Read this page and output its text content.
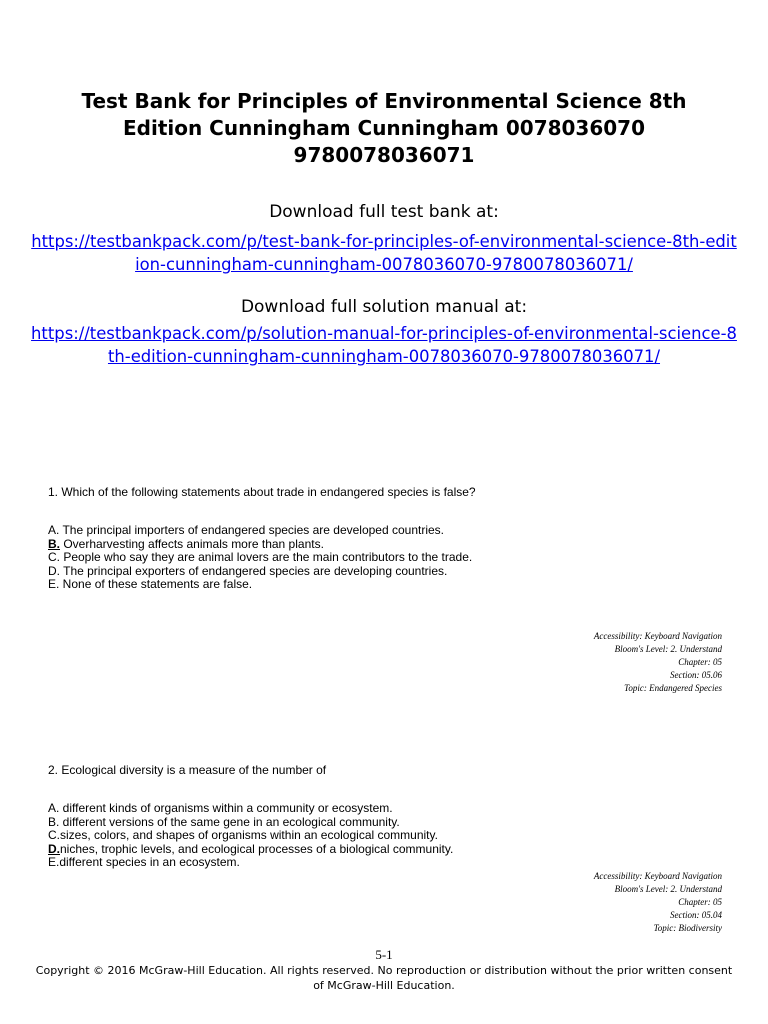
Test Bank for Principles of Environmental Science 8th Edition Cunningham Cunningham 0078036070 9780078036071
Download full test bank at:
https://testbankpack.com/p/test-bank-for-principles-of-environmental-science-8th-edition-cunningham-cunningham-0078036070-9780078036071/
Download full solution manual at:
https://testbankpack.com/p/solution-manual-for-principles-of-environmental-science-8th-edition-cunningham-cunningham-0078036070-9780078036071/
1. Which of the following statements about trade in endangered species is false?
A. The principal importers of endangered species are developed countries.
B. Overharvesting affects animals more than plants.
C. People who say they are animal lovers are the main contributors to the trade.
D. The principal exporters of endangered species are developing countries.
E. None of these statements are false.
Accessibility: Keyboard Navigation
Bloom's Level: 2. Understand
Chapter: 05
Section: 05.06
Topic: Endangered Species
2. Ecological diversity is a measure of the number of
A. different kinds of organisms within a community or ecosystem.
B. different versions of the same gene in an ecological community.
C.sizes, colors, and shapes of organisms within an ecological community.
D.niches, trophic levels, and ecological processes of a biological community.
E.different species in an ecosystem.
Accessibility: Keyboard Navigation
Bloom's Level: 2. Understand
Chapter: 05
Section: 05.04
Topic: Biodiversity
5-1
Copyright © 2016 McGraw-Hill Education. All rights reserved. No reproduction or distribution without the prior written consent of McGraw-Hill Education.
